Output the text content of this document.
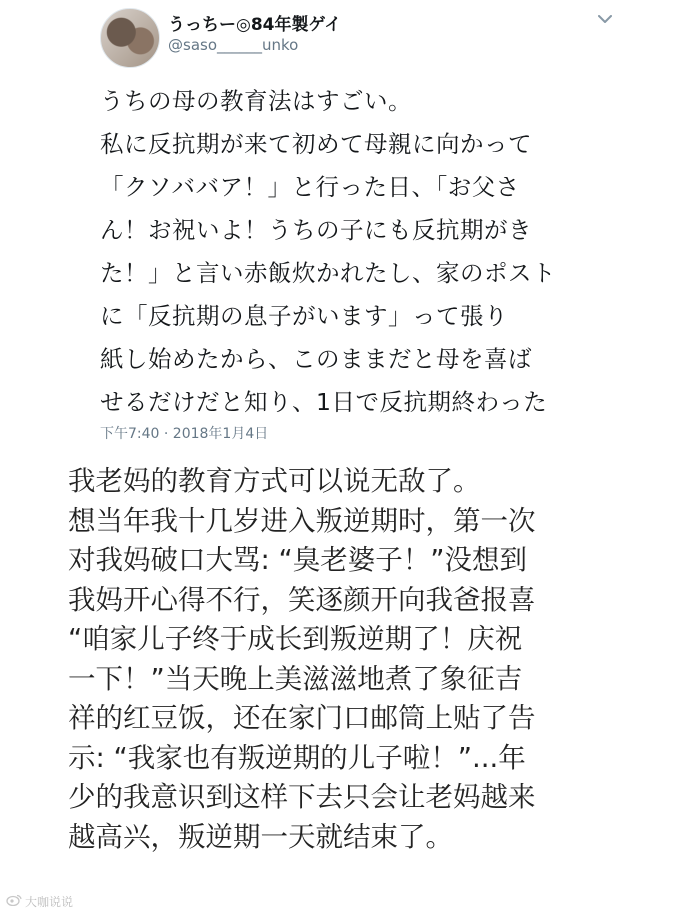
うっちー◎84年製ゲイ
@saso______unko
うちの母の教育法はすごい。
私に反抗期が来て初めて母親に向かって
「クソババア！」と行った日、「お父さ
ん！お祝いよ！うちの子にも反抗期がき
た！」と言い赤飯炊かれたし、家のポスト
に「反抗期の息子がいます」って張り
紙し始めたから、このままだと母を喜ば
せるだけだと知り、1日で反抗期終わった
下午7:40 · 2018年1月4日
我老妈的教育方式可以说无敌了。
想当年我十几岁进入叛逆期时，第一次
对我妈破口大骂: “臭老婆子！”没想到
我妈开心得不行，笑逐颜开向我爸报喜
“咱家儿子终于成长到叛逆期了！庆祝
一下！”当天晚上美滋滋地煮了象征吉
祥的红豆饭，还在家门口邮筒上贴了告
示: “我家也有叛逆期的儿子啦！”...年
少的我意识到这样下去只会让老妈越来
越高兴，叛逆期一天就结束了。
大咖说说
